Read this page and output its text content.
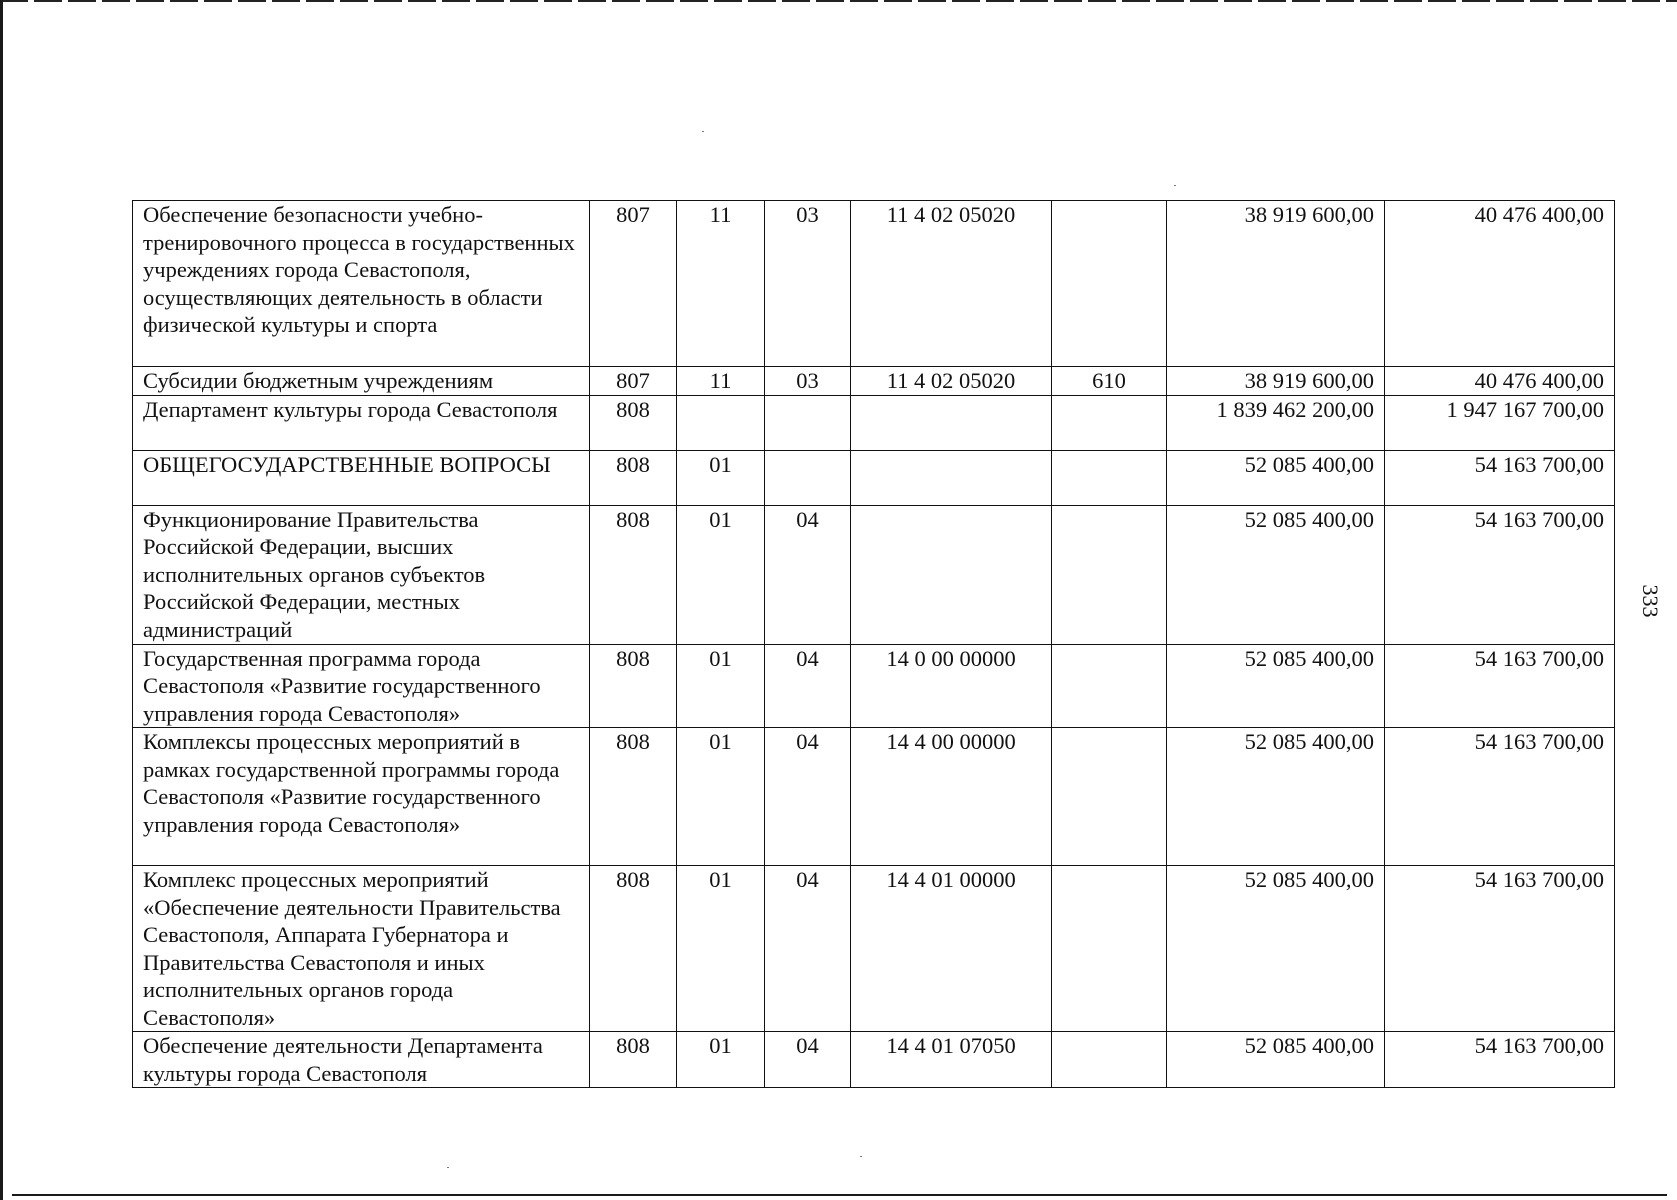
333
Обеспечение безопасности учебно-тренировочного процесса в государственных учреждениях города Севастополя, осуществляющих деятельность в области физической культуры и спорта	807	11	03	11 4 02 05020		38 919 600,00	40 476 400,00
Субсидии бюджетным учреждениям	807	11	03	11 4 02 05020	610	38 919 600,00	40 476 400,00
Департамент культуры города Севастополя	808					1 839 462 200,00	1 947 167 700,00
ОБЩЕГОСУДАРСТВЕННЫЕ ВОПРОСЫ	808	01				52 085 400,00	54 163 700,00
Функционирование Правительства Российской Федерации, высших исполнительных органов субъектов Российской Федерации, местных администраций	808	01	04			52 085 400,00	54 163 700,00
Государственная программа города Севастополя «Развитие государственного управления города Севастополя»	808	01	04	14 0 00 00000		52 085 400,00	54 163 700,00
Комплексы процессных мероприятий в рамках государственной программы города Севастополя «Развитие государственного управления города Севастополя»	808	01	04	14 4 00 00000		52 085 400,00	54 163 700,00
Комплекс процессных мероприятий «Обеспечение деятельности Правительства Севастополя, Аппарата Губернатора и Правительства Севастополя и иных исполнительных органов города Севастополя»	808	01	04	14 4 01 00000		52 085 400,00	54 163 700,00
Обеспечение деятельности Департамента культуры города Севастополя	808	01	04	14 4 01 07050		52 085 400,00	54 163 700,00
